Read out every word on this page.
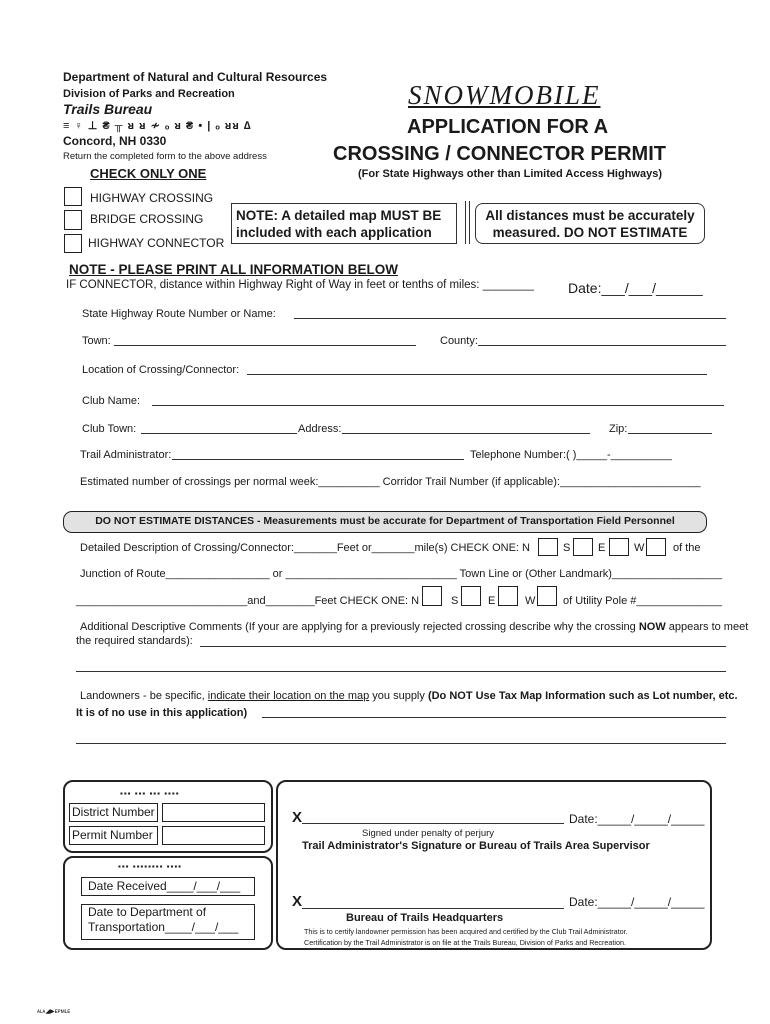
Department of Natural and Cultural Resources
Division of Parks and Recreation
Trails Bureau
≡ ♀ ⊥ ₴ ╥ ᴚ ᴚ ≁ ₒ ᴚ ₴ • | ₒ ᴚᴚ ∆
Concord, NH 0330
Return the completed form to the above address
SNOWMOBILE
APPLICATION FOR A
CROSSING / CONNECTOR PERMIT
(For State Highways other than Limited Access Highways)
CHECK ONLY ONE
HIGHWAY CROSSING
BRIDGE CROSSING
HIGHWAY CONNECTOR
NOTE: A detailed map MUST BE included with each application
All distances must be accurately measured. DO NOT ESTIMATE
NOTE - PLEASE PRINT ALL INFORMATION BELOW
IF CONNECTOR, distance within Highway Right of Way in feet or tenths of miles: ________ Date:___/___/______
State Highway Route Number or Name:
Town:	County:
Location of Crossing/Connector:
Club Name:
Club Town:	Address:	Zip:
Trail Administrator:	Telephone Number:( )_____-__________
Estimated number of crossings per normal week:__________ Corridor Trail Number (if applicable):_______________________
DO NOT ESTIMATE DISTANCES - Measurements must be accurate for Department of Transportation Field Personnel
Detailed Description of Crossing/Connector:_______Feet or_______mile(s) CHECK ONE: N	S	E	W	of the
Junction of Route_________________ or ____________________________ Town Line or (Other Landmark)__________________
____________________________and________Feet CHECK ONE: N	S	E	W	of Utility Pole #______________
Additional Descriptive Comments (If your are applying for a previously rejected crossing describe why the crossing NOW appears to meet
the required standards):
Landowners - be specific, indicate their location on the map you supply (Do NOT Use Tax Map Information such as Lot number, etc.
It is of no use in this application)
▪▪▪ ▪▪▪ ▪▪▪ ▪▪▪▪
District Number
Permit Number
▪▪▪ ▪▪▪▪▪▪▪▪ ▪▪▪▪
Date Received____/___/___
Date to Department of
Transportation____/___/___
X	Date:_____/_____/_____
Signed under penalty of perjury
Trail Administrator's Signature or Bureau of Trails Area Supervisor
X	Date:_____/_____/_____
Bureau of Trails Headquarters
This is to certify landowner permission has been acquired and certified by the Club Trail Administrator.
Certification by the Trail Administrator is on file at the Trails Bureau, Division of Parks and Recreation.
ᴀʟᴀ◢▶ᴇᴘᴍʟᴇ
